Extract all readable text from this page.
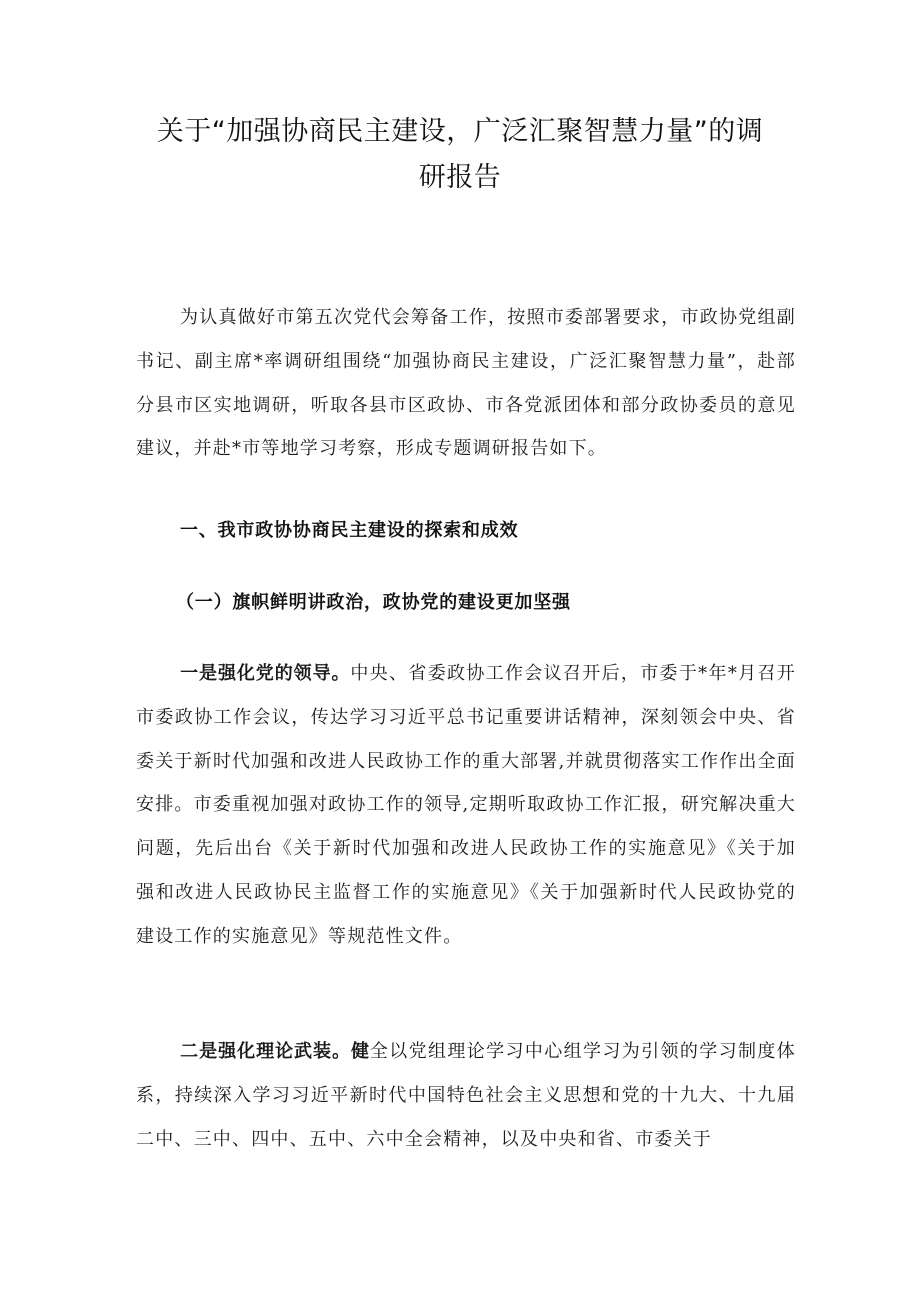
关于“加强协商民主建设，广泛汇聚智慧力量”的调
研报告
为认真做好市第五次党代会筹备工作，按照市委部署要求，市政协党组副书记、副主席*率调研组围绕“加强协商民主建设，广泛汇聚智慧力量”，赴部分县市区实地调研，听取各县市区政协、市各党派团体和部分政协委员的意见建议，并赴*市等地学习考察，形成专题调研报告如下。
一、我市政协协商民主建设的探索和成效
（一）旗帜鲜明讲政治，政协党的建设更加坚强
一是强化党的领导。中央、省委政协工作会议召开后，市委于*年*月召开市委政协工作会议，传达学习习近平总书记重要讲话精神，深刻领会中央、省委关于新时代加强和改进人民政协工作的重大部署,并就贯彻落实工作作出全面安排。市委重视加强对政协工作的领导,定期听取政协工作汇报，研究解决重大问题，先后出台《关于新时代加强和改进人民政协工作的实施意见》《关于加强和改进人民政协民主监督工作的实施意见》《关于加强新时代人民政协党的建设工作的实施意见》等规范性文件。
二是强化理论武装。健全以党组理论学习中心组学习为引领的学习制度体系，持续深入学习习近平新时代中国特色社会主义思想和党的十九大、十九届二中、三中、四中、五中、六中全会精神，以及中央和省、市委关于
